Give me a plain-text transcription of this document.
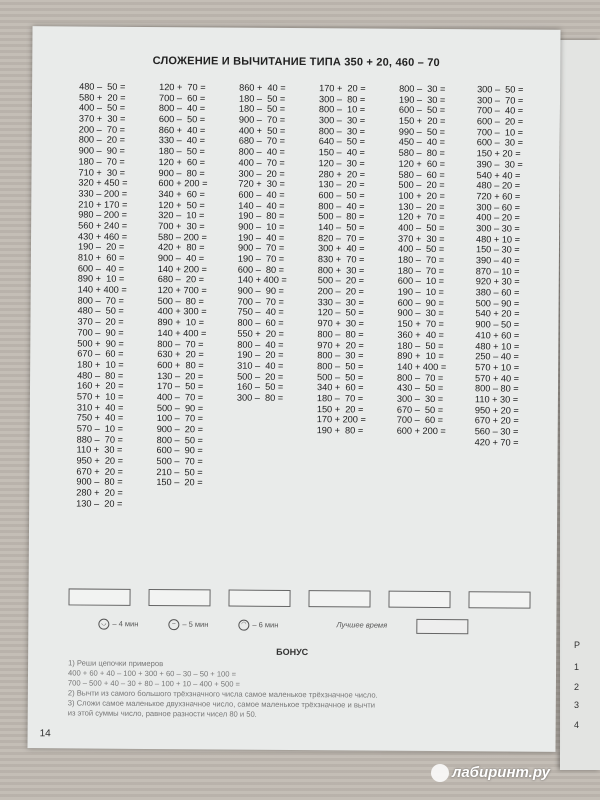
Р
1
2
3
4
СЛОЖЕНИЕ И ВЫЧИТАНИЕ ТИПА 350 + 20, 460 – 70
480 –  50 =
580 +  20 =
400 –  50 =
370 +  30 =
200 –  70 =
800 –  20 =
900 –  90 =
180 –  70 =
710 +  30 =
320 + 450 =
330 – 200 =
210 + 170 =
980 – 200 =
560 + 240 =
430 + 460 =
190 –  20 =
810 +  60 =
600 –  40 =
890 +  10 =
140 + 400 =
800 –  70 =
480 –  50 =
370 –  20 =
700 –  90 =
500 +  90 =
670 –  60 =
180 +  10 =
480 –  80 =
160 +  20 =
570 +  10 =
310 +  40 =
750 +  40 =
570 –  10 =
880 –  70 =
110 +  30 =
950 +  20 =
670 +  20 =
900 –  80 =
280 +  20 =
130 –  20 =
120 +  70 =
700 –  60 =
800 –  40 =
600 –  50 =
860 +  40 =
330 –  40 =
180 –  50 =
120 +  60 =
900 –  80 =
600 + 200 =
340 +  60 =
120 +  50 =
320 –  10 =
700 +  30 =
580 – 200 =
420 +  80 =
900 –  40 =
140 + 200 =
680 –  20 =
120 + 700 =
500 –  80 =
400 + 300 =
890 +  10 =
140 + 400 =
800 –  70 =
630 +  20 =
600 +  80 =
130 –  20 =
170 –  50 =
400 –  70 =
500 –  90 =
100 –  70 =
900 –  20 =
800 –  50 =
600 –  90 =
500 –  70 =
210 –  50 =
150 –  20 =
860 +  40 =
180 –  50 =
180 –  50 =
900 –  70 =
400 +  50 =
680 –  70 =
800 –  40 =
400 –  70 =
300 –  20 =
720 +  30 =
600 –  40 =
140 –  40 =
190 –  80 =
900 –  10 =
190 –  40 =
900 –  70 =
190 –  70 =
600 –  80 =
140 + 400 =
900 –  90 =
700 –  70 =
750 –  40 =
800 –  60 =
550 +  20 =
800 –  40 =
190 –  20 =
310 –  40 =
500 –  20 =
160 –  50 =
300 –  80 =
170 +  20 =
300 –  80 =
800 –  10 =
300 –  30 =
800 –  30 =
640 –  50 =
150 –  40 =
120 –  30 =
280 +  20 =
130 –  20 =
600 –  50 =
800 –  40 =
500 –  80 =
140 –  50 =
820 –  70 =
300 +  40 =
830 +  70 =
800 +  30 =
500 –  20 =
200 –  20 =
330 –  30 =
120 –  50 =
970 +  30 =
800 –  80 =
970 +  20 =
800 –  30 =
800 –  50 =
500 –  50 =
340 +  60 =
180 –  70 =
150 +  20 =
170 + 200 =
190 +  80 =
800 –  30 =
190 –  30 =
600 –  50 =
150 +  20 =
990 –  50 =
450 –  40 =
580 –  80 =
120 +  60 =
580 –  60 =
500 –  20 =
100 +  20 =
130 –  20 =
120 +  70 =
400 –  50 =
370 +  30 =
400 –  50 =
180 –  70 =
180 –  70 =
600 –  10 =
190 –  10 =
600 –  90 =
900 –  30 =
150 +  70 =
360 +  40 =
180 –  50 =
890 +  10 =
140 + 400 =
800 –  70 =
430 –  50 =
300 –  30 =
670 –  50 =
700 –  60 =
600 + 200 =
300 –  50 =
300 –  70 =
700 –  40 =
600 –  20 =
700 –  10 =
600 –  30 =
150 + 20 =
390 –  30 =
540 + 40 =
480 – 20 =
720 + 60 =
300 – 60 =
400 – 20 =
300 – 30 =
480 + 10 =
150 – 30 =
390 – 40 =
870 – 10 =
920 + 30 =
380 – 60 =
500 – 90 =
540 + 20 =
900 – 50 =
410 + 60 =
480 + 10 =
250 – 40 =
570 + 10 =
570 + 40 =
800 – 80 =
110 + 30 =
950 + 20 =
670 + 20 =
560 – 30 =
420 + 70 =
◡ – 4 мин	– – 5 мин	◠ – 6 мин	Лучшее время
БОНУС
1) Реши цепочки примеров
400 + 60 + 40 – 100 + 300 + 60 – 30 – 50 + 100 =
700 – 500 + 40 – 30 + 80 – 100 + 10 – 400 + 500 =
2) Вычти из самого большого трёхзначного числа самое маленькое трёхзначное число.
3) Сложи самое маленькое двухзначное число, самое маленькое трёхзначное и вычти
из этой суммы число, равное разности чисел 80 и 50.
14
лабиринт.ру
